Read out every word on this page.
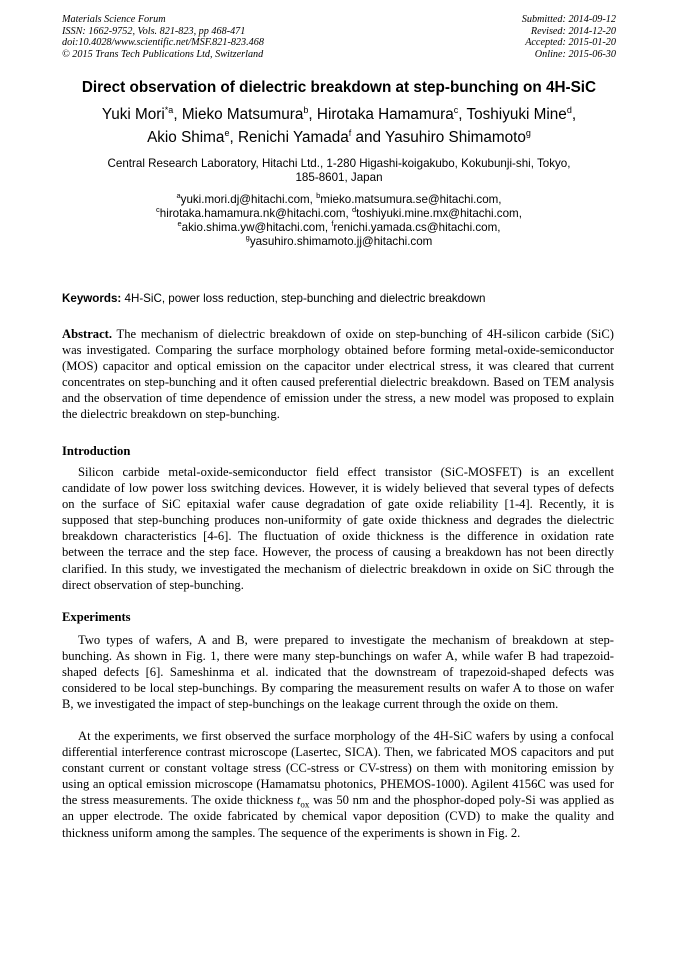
Materials Science Forum
ISSN: 1662-9752, Vols. 821-823, pp 468-471
doi:10.4028/www.scientific.net/MSF.821-823.468
© 2015 Trans Tech Publications Ltd, Switzerland
Submitted: 2014-09-12
Revised: 2014-12-20
Accepted: 2015-01-20
Online: 2015-06-30
Direct observation of dielectric breakdown at step-bunching on 4H-SiC
Yuki Mori$^{*a}$, Mieko Matsumura$^b$, Hirotaka Hamamura$^c$, Toshiyuki Mine$^d$,
Akio Shima$^e$, Renichi Yamada$^f$ and Yasuhiro Shimamoto$^g$
Central Research Laboratory, Hitachi Ltd., 1-280 Higashi-koigakubo, Kokubunji-shi, Tokyo,
185-8601, Japan
$^a$yuki.mori.dj@hitachi.com, $^b$mieko.matsumura.se@hitachi.com,
$^c$hirotaka.hamamura.nk@hitachi.com, $^d$toshiyuki.mine.mx@hitachi.com,
$^e$akio.shima.yw@hitachi.com, $^f$renichi.yamada.cs@hitachi.com,
$^g$yasuhiro.shimamoto.jj@hitachi.com
Keywords: 4H-SiC, power loss reduction, step-bunching and dielectric breakdown

Abstract. The mechanism of dielectric breakdown of oxide on step-bunching of 4H-silicon carbide (SiC) was investigated. Comparing the surface morphology obtained before forming metal-oxide-semiconductor (MOS) capacitor and optical emission on the capacitor under electrical stress, it was cleared that current concentrates on step-bunching and it often caused preferential dielectric breakdown. Based on TEM analysis and the observation of time dependence of emission under the stress, a new model was proposed to explain the dielectric breakdown on step-bunching.

Introduction

Silicon carbide metal-oxide-semiconductor field effect transistor (SiC-MOSFET) is an excellent candidate of low power loss switching devices. However, it is widely believed that several types of defects on the surface of SiC epitaxial wafer cause degradation of gate oxide reliability [1-4]. Recently, it is supposed that step-bunching produces non-uniformity of gate oxide thickness and degrades the dielectric breakdown characteristics [4-6]. The fluctuation of oxide thickness is the difference in oxidation rate between the terrace and the step face. However, the process of causing a breakdown has not been directly clarified. In this study, we investigated the mechanism of dielectric breakdown in oxide on SiC through the direct observation of step-bunching.

Experiments

Two types of wafers, A and B, were prepared to investigate the mechanism of breakdown at step-bunching. As shown in Fig. 1, there were many step-bunchings on wafer A, while wafer B had trapezoid-shaped defects [6]. Sameshinma et al. indicated that the downstream of trapezoid-shaped defects was considered to be local step-bunchings. By comparing the measurement results on wafer A to those on wafer B, we investigated the impact of step-bunchings on the leakage current through the oxide on them.

At the experiments, we first observed the surface morphology of the 4H-SiC wafers by using a confocal differential interference contrast microscope (Lasertec, SICA). Then, we fabricated MOS capacitors and put constant current or constant voltage stress (CC-stress or CV-stress) on them with monitoring emission by using an optical emission microscope (Hamamatsu photonics, PHEMOS-1000). Agilent 4156C was used for the stress measurements. The oxide thickness $t_{ox}$ was 50 nm and the phosphor-doped poly-Si was applied as an upper electrode. The oxide fabricated by chemical vapor deposition (CVD) to make the quality and thickness uniform among the samples. The sequence of the experiments is shown in Fig. 2.
